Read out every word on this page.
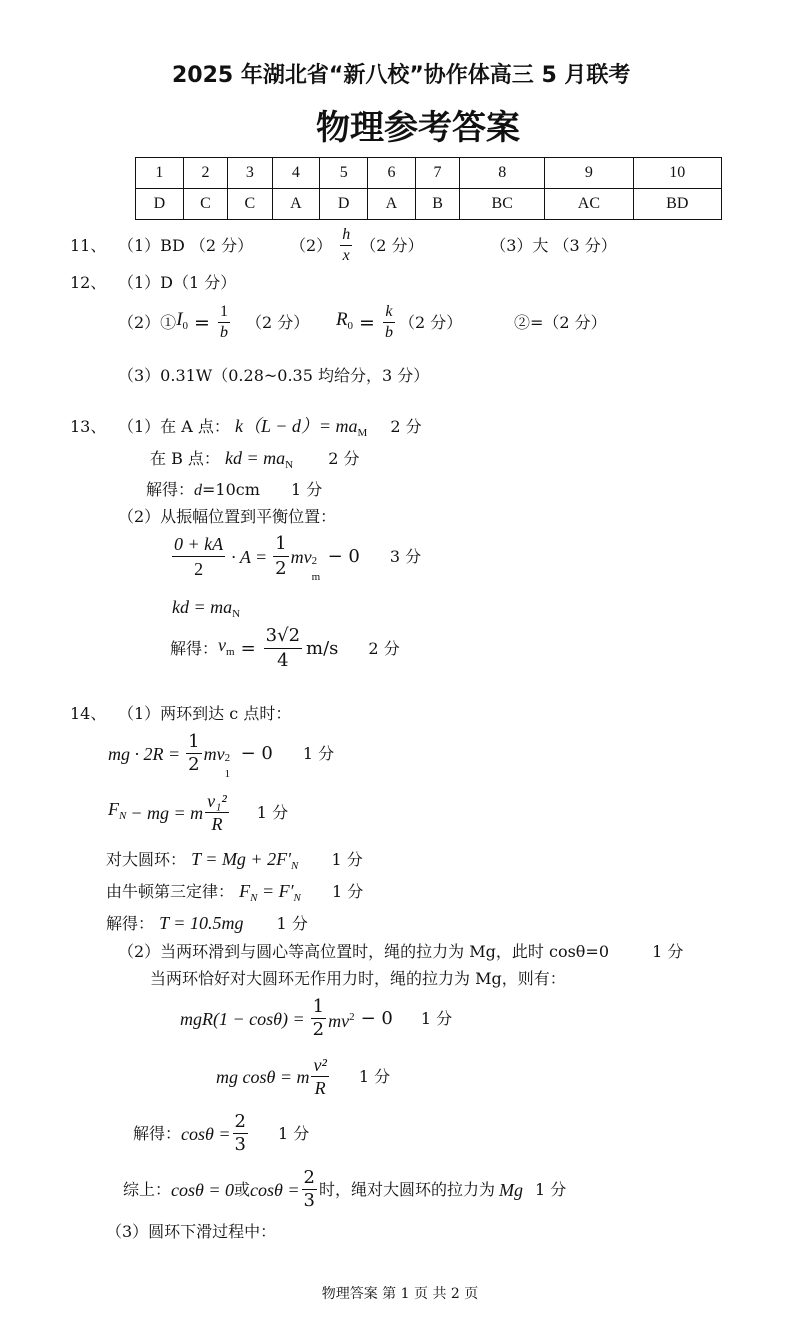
2025 年湖北省“新八校”协作体高三 5 月联考
物理参考答案
1	2	3	4	5	6	7	8	9	10
D	C	C	A	D	A	B	BC	AC	BD
11、 （1）BD （2 分）	$(2) \frac{h}{x} (2$ 分）	（3）大 （3 分）
12、 （1）D（1 分）
（2）① $I_0 = \frac{1}{b} (2$ 分）	$R_0 = \frac{k}{b} (2$ 分）	②=（2 分）
（3）0.31W（0.28~0.35 均给分，3 分）
13、 （1）在 A 点： $k(L - d)= ma_M$ 2 分
在 B 点： kd = $ma_N$ 2 分
解得：d=10cm 1 分
（2）从振幅位置到平衡位置：
$\frac{0 + kA}{2} \cdot A = \frac{1}{2}$ mv 2
m
− 0 3 分
kd = $ma_N$
解得： $v_m = \frac{3√2}{4} m/s$ 2 分
14、 （1）两环到达 c 点时：
mg · $2R = \frac{1}{2}$ mv 2
1
− 0 1 分
$F_N$ − mg = m $\frac{\text{v₁²}}{R} 1$ 分
对大圆环： $T = Mg + 2F'_N$ 1 分
由牛顿第三定律： $F_N = F'_N$ 1 分
解得： T = 10.5mg 1 分
（2）当两环滑到与圆心等高位置时，绳的拉力为 Mg，此时 cosθ=0	1 分
当两环恰好对大圆环无作用力时，绳的拉力为 Mg，则有：
$mgR(1 - \cos\theta) = \frac{1}{2} mv^2 - 0$ 1 分
mg cosθ = m $\frac{\text{v²}}{R} 1$ 分
解得： $\cos\theta = \frac{2}{3} 1$ 分
综上： cosθ = 0 或 $\cos\theta = \frac{2}{3}$ 时，绳对大圆环的拉力为 Mg 1 分
（3）圆环下滑过程中：
物理答案 第 1 页 共 2 页
